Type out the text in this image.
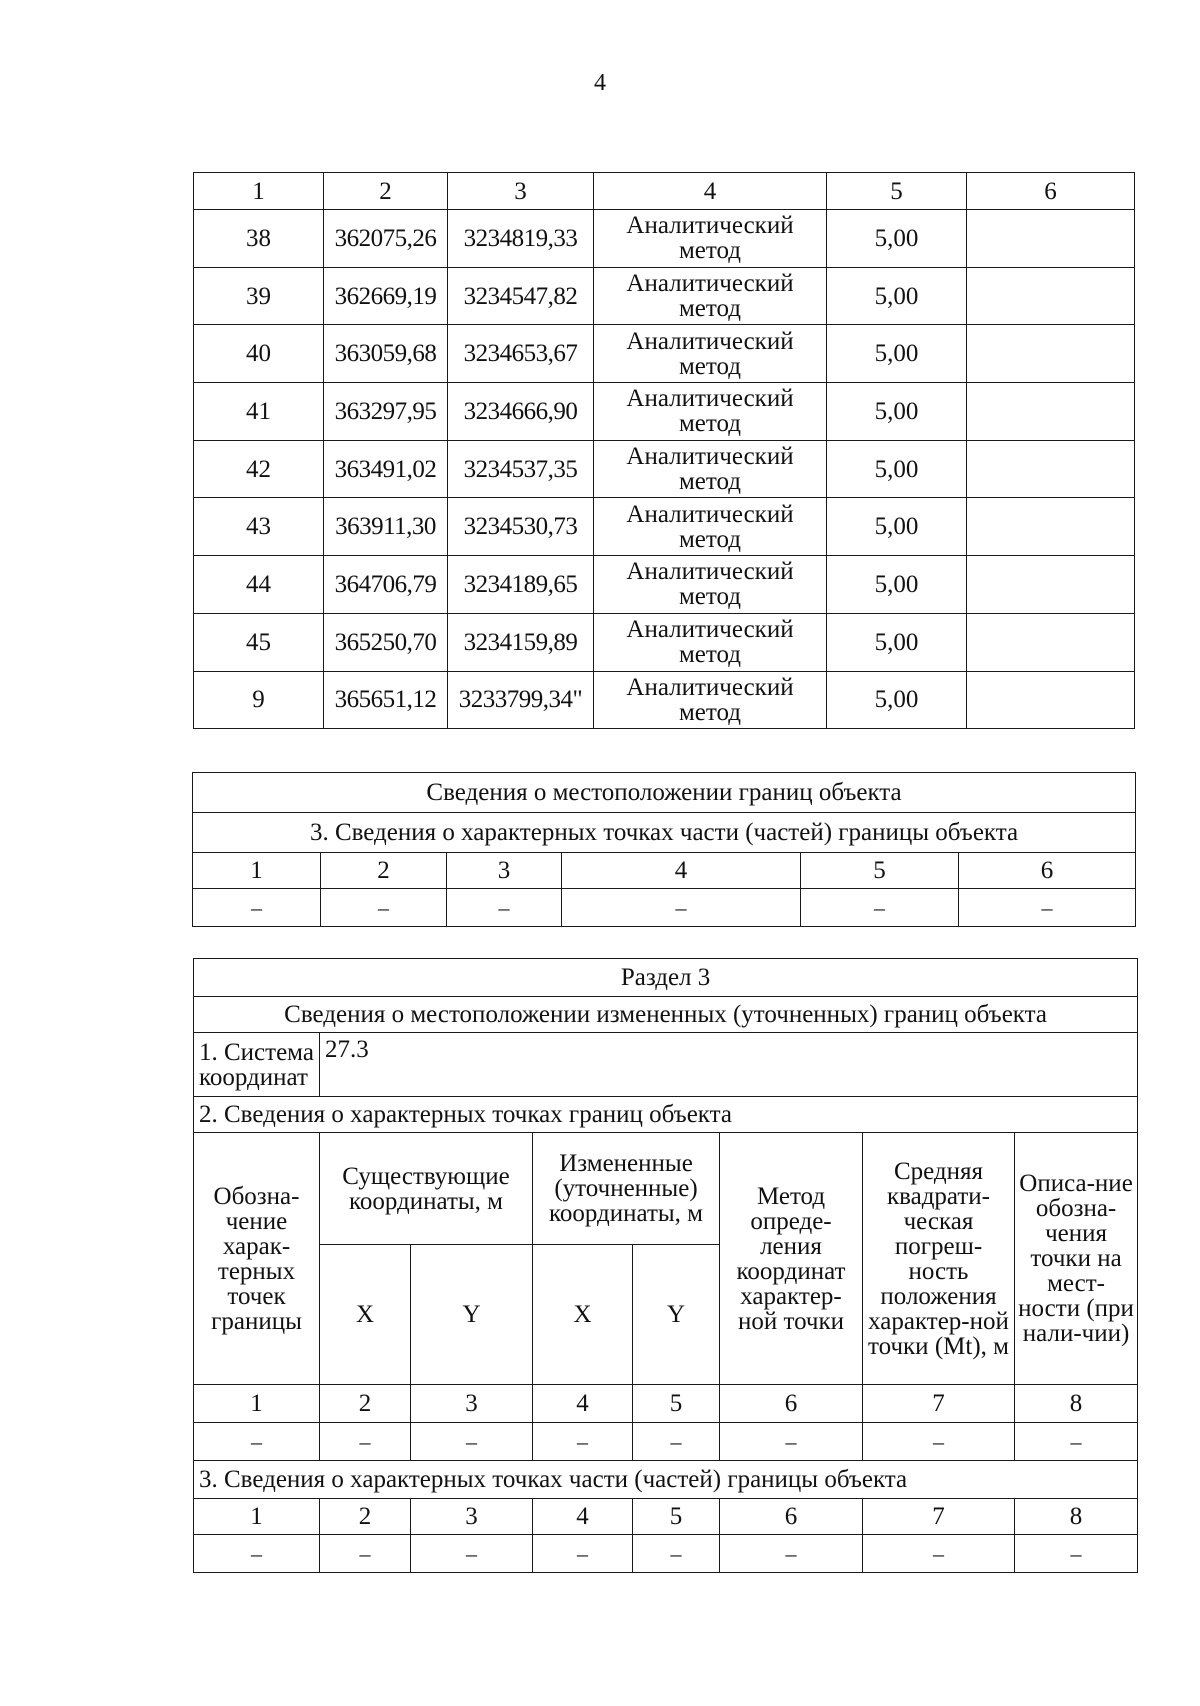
4
1	2	3	4	5	6
38	362075,26	3234819,33	Аналитический метод	5,00	
39	362669,19	3234547,82	Аналитический метод	5,00	
40	363059,68	3234653,67	Аналитический метод	5,00	
41	363297,95	3234666,90	Аналитический метод	5,00	
42	363491,02	3234537,35	Аналитический метод	5,00	
43	363911,30	3234530,73	Аналитический метод	5,00	
44	364706,79	3234189,65	Аналитический метод	5,00	
45	365250,70	3234159,89	Аналитический метод	5,00	
9	365651,12	3233799,34"	Аналитический метод	5,00	
Сведения о местоположении границ объекта					
3. Сведения о характерных точках части (частей) границы объекта					
1	2	3	4	5	6
–	–	–	–	–	–
Раздел 3							
Сведения о местоположении измененных (уточненных) границ объекта							
1. Система координат	27.3						
2. Сведения о характерных точках границ объекта							
Обозна-чение харак-терных точек границы	Существующие координаты, м		Измененные (уточненные) координаты, м		Метод опреде-ления координат характер-ной точки	Средняя квадрати-ческая погреш-ность положения характер-ной точки (Mt), м	Описа-ние обозна-чения точки на мест-ности (при нали-чии)
	X	Y	X	Y			
1	2	3	4	5	6	7	8
–	–	–	–	–	–	–	–
3. Сведения о характерных точках части (частей) границы объекта							
1	2	3	4	5	6	7	8
–	–	–	–	–	–	–	–
